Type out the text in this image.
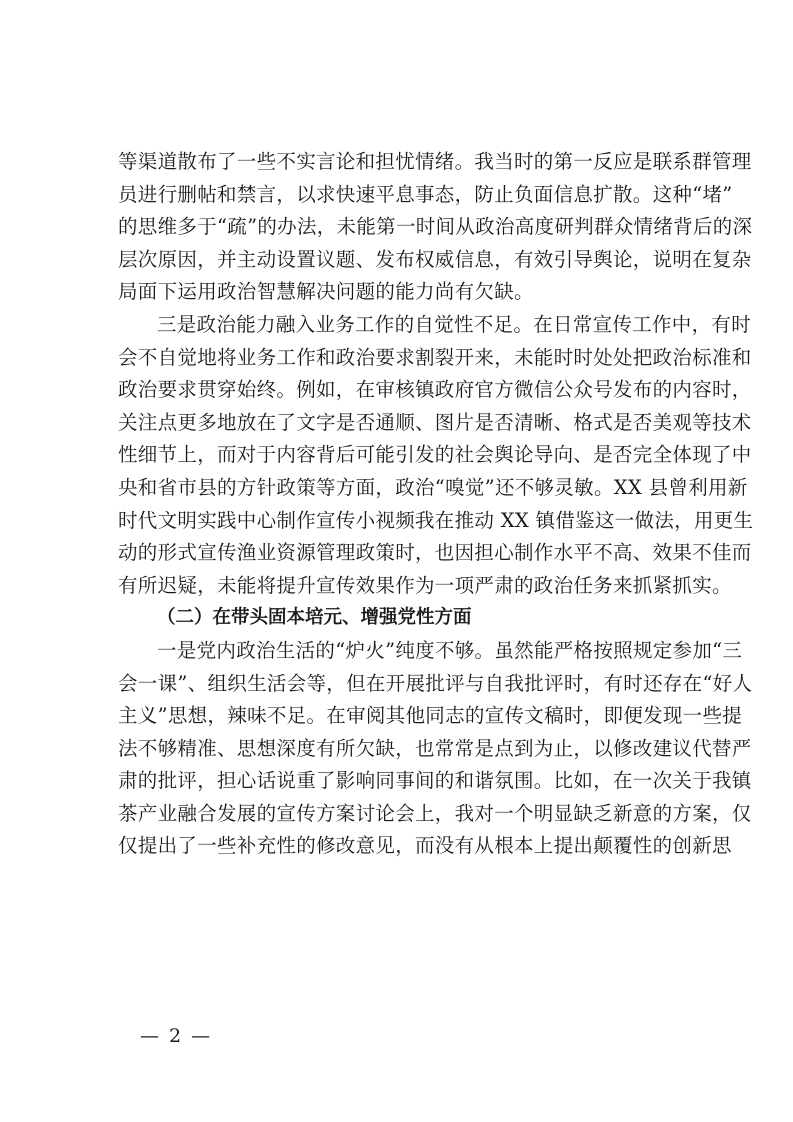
等渠道散布了一些不实言论和担忧情绪。我当时的第一反应是联系群管理
员进行删帖和禁言，以求快速平息事态，防止负面信息扩散。这种“堵”
的思维多于“疏”的办法，未能第一时间从政治高度研判群众情绪背后的深
层次原因，并主动设置议题、发布权威信息，有效引导舆论，说明在复杂
局面下运用政治智慧解决问题的能力尚有欠缺。
三是政治能力融入业务工作的自觉性不足。在日常宣传工作中，有时
会不自觉地将业务工作和政治要求割裂开来，未能时时处处把政治标准和
政治要求贯穿始终。例如，在审核镇政府官方微信公众号发布的内容时，
关注点更多地放在了文字是否通顺、图片是否清晰、格式是否美观等技术
性细节上，而对于内容背后可能引发的社会舆论导向、是否完全体现了中
央和省市县的方针政策等方面，政治“嗅觉”还不够灵敏。XX 县曾利用新
时代文明实践中心制作宣传小视频我在推动 XX 镇借鉴这一做法，用更生
动的形式宣传渔业资源管理政策时，也因担心制作水平不高、效果不佳而
有所迟疑，未能将提升宣传效果作为一项严肃的政治任务来抓紧抓实。
（二）在带头固本培元、增强党性方面
一是党内政治生活的“炉火”纯度不够。虽然能严格按照规定参加“三
会一课”、组织生活会等，但在开展批评与自我批评时，有时还存在“好人
主义”思想，辣味不足。在审阅其他同志的宣传文稿时，即便发现一些提
法不够精准、思想深度有所欠缺，也常常是点到为止，以修改建议代替严
肃的批评，担心话说重了影响同事间的和谐氛围。比如，在一次关于我镇
茶产业融合发展的宣传方案讨论会上，我对一个明显缺乏新意的方案，仅
仅提出了一些补充性的修改意见，而没有从根本上提出颠覆性的创新思
— 2 —
